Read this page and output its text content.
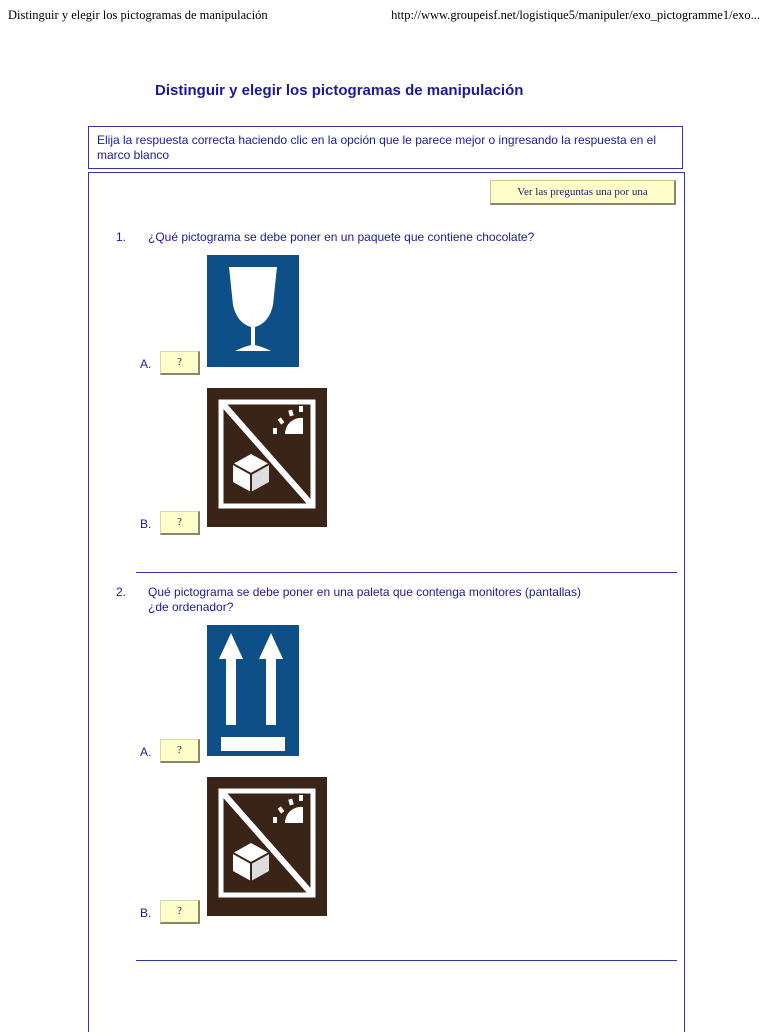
Distinguir y elegir los pictogramas de manipulación	http://www.groupeisf.net/logistique5/manipuler/exo_pictogramme1/exo...
Distinguir y elegir los pictogramas de manipulación
Elija la respuesta correcta haciendo clic en la opción que le parece mejor o ingresando la respuesta en el marco blanco
Ver las preguntas una por una
1. ¿Qué pictograma se debe poner en un paquete que contiene chocolate?
A.	?
B.	?
2. Qué pictograma se debe poner en una paleta que contenga monitores (pantallas) ¿de ordenador?
A.	?
B.	?
